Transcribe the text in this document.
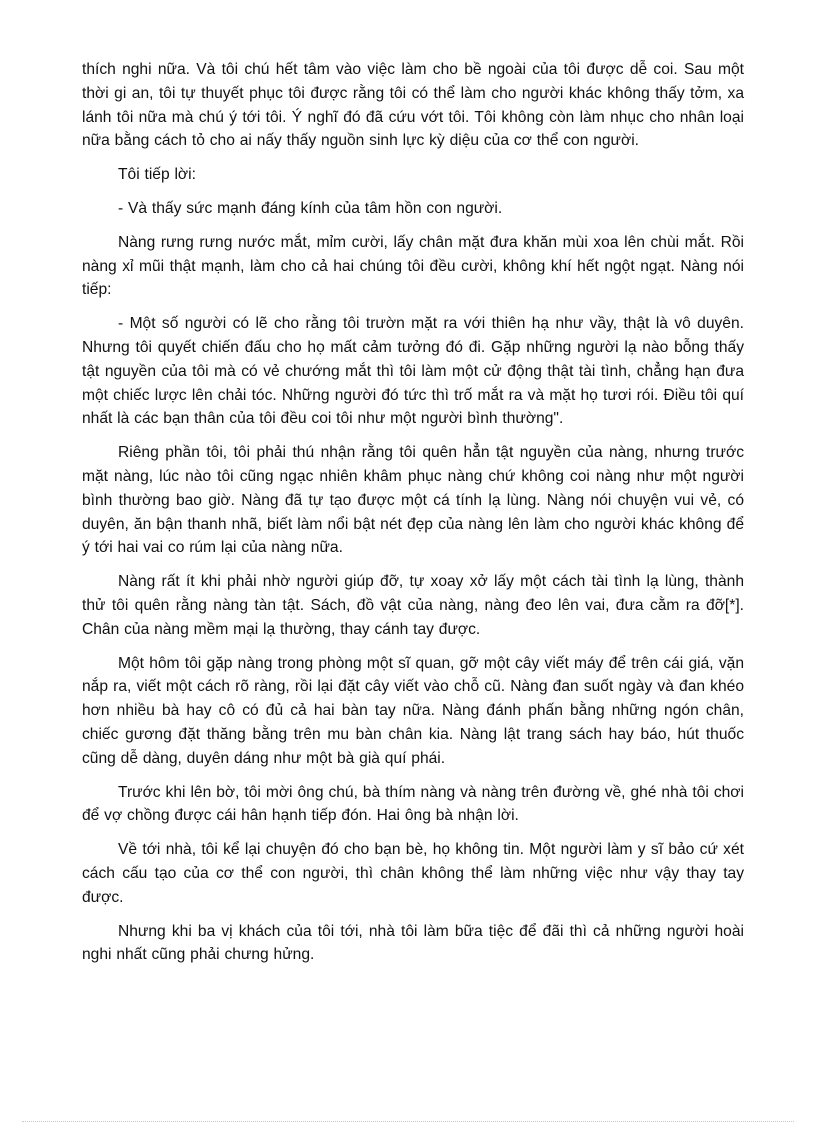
thích nghi nữa. Và tôi chú hết tâm vào việc làm cho bề ngoài của tôi được dễ coi. Sau một thời gi an, tôi tự thuyết phục tôi được rằng tôi có thể làm cho người khác không thấy tởm, xa lánh tôi nữa mà chú ý tới tôi. Ý nghĩ đó đã cứu vớt tôi. Tôi không còn làm nhục cho nhân loại nữa bằng cách tỏ cho ai nấy thấy nguồn sinh lực kỳ diệu của cơ thể con người.

Tôi tiếp lời:

- Và thấy sức mạnh đáng kính của tâm hồn con người.

Nàng rưng rưng nước mắt, mỉm cười, lấy chân mặt đưa khăn mùi xoa lên chùi mắt. Rồi nàng xỉ mũi thật mạnh, làm cho cả hai chúng tôi đều cười, không khí hết ngột ngạt. Nàng nói tiếp:

- Một số người có lẽ cho rằng tôi trườn mặt ra với thiên hạ như vầy, thật là vô duyên. Nhưng tôi quyết chiến đấu cho họ mất cảm tưởng đó đi. Gặp những người lạ nào bỗng thấy tật nguyền của tôi mà có vẻ chướng mắt thì tôi làm một cử động thật tài tình, chẳng hạn đưa một chiếc lược lên chải tóc. Những người đó tức thì trố mắt ra và mặt họ tươi rói. Điều tôi quí nhất là các bạn thân của tôi đều coi tôi như một người bình thường".

Riêng phần tôi, tôi phải thú nhận rằng tôi quên hẳn tật nguyền của nàng, nhưng trước mặt nàng, lúc nào tôi cũng ngạc nhiên khâm phục nàng chứ không coi nàng như một người bình thường bao giờ. Nàng đã tự tạo được một cá tính lạ lùng. Nàng nói chuyện vui vẻ, có duyên, ăn bận thanh nhã, biết làm nổi bật nét đẹp của nàng lên làm cho người khác không để ý tới hai vai co rúm lại của nàng nữa.

Nàng rất ít khi phải nhờ người giúp đỡ, tự xoay xở lấy một cách tài tình lạ lùng, thành thử tôi quên rằng nàng tàn tật. Sách, đồ vật của nàng, nàng đeo lên vai, đưa cằm ra đỡ[*]. Chân của nàng mềm mại lạ thường, thay cánh tay được.

Một hôm tôi gặp nàng trong phòng một sĩ quan, gỡ một cây viết máy để trên cái giá, vặn nắp ra, viết một cách rõ ràng, rồi lại đặt cây viết vào chỗ cũ. Nàng đan suốt ngày và đan khéo hơn nhiều bà hay cô có đủ cả hai bàn tay nữa. Nàng đánh phấn bằng những ngón chân, chiếc gương đặt thăng bằng trên mu bàn chân kia. Nàng lật trang sách hay báo, hút thuốc cũng dễ dàng, duyên dáng như một bà già quí phái.

Trước khi lên bờ, tôi mời ông chú, bà thím nàng và nàng trên đường về, ghé nhà tôi chơi để vợ chồng được cái hân hạnh tiếp đón. Hai ông bà nhận lời.

Về tới nhà, tôi kể lại chuyện đó cho bạn bè, họ không tin. Một người làm y sĩ bảo cứ xét cách cấu tạo của cơ thể con người, thì chân không thể làm những việc như vậy thay tay được.

Nhưng khi ba vị khách của tôi tới, nhà tôi làm bữa tiệc để đãi thì cả những người hoài nghi nhất cũng phải chưng hửng.
